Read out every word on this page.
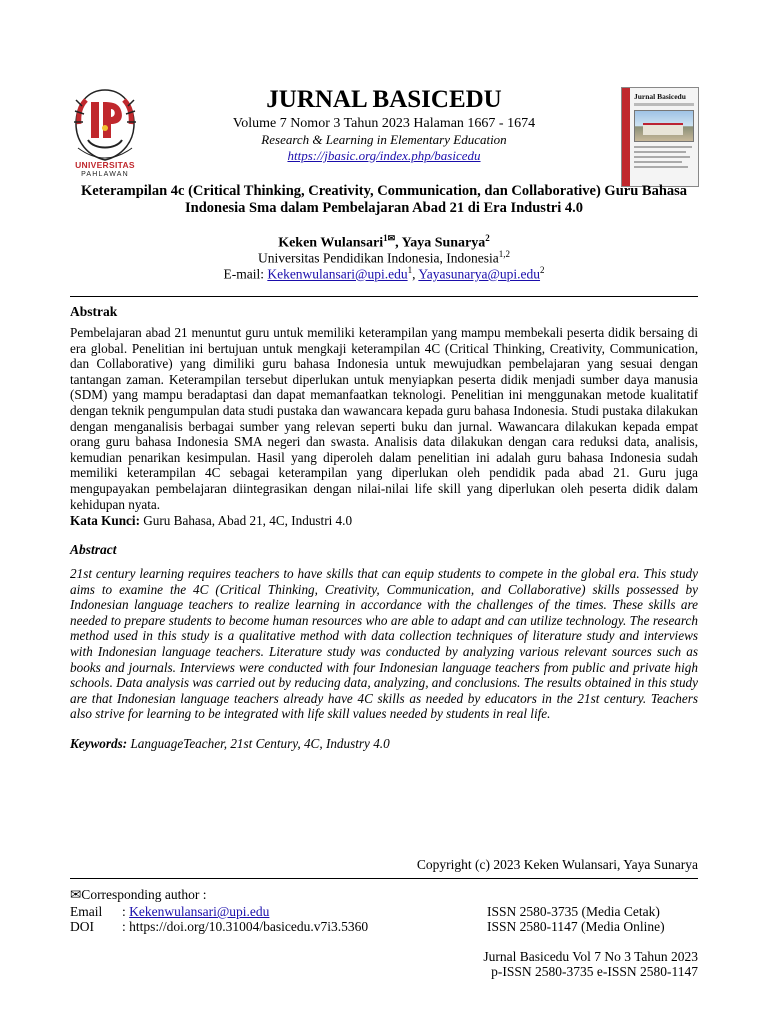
UNIVERSITAS
PAHLAWAN
Jurnal Basicedu
JURNAL BASICEDU
Volume 7 Nomor 3 Tahun 2023 Halaman 1667 - 1674
Research & Learning in Elementary Education
https://jbasic.org/index.php/basicedu
Keterampilan 4c (Critical Thinking, Creativity, Communication, dan Collaborative) Guru Bahasa Indonesia Sma dalam Pembelajaran Abad 21 di Era Industri 4.0
Keken Wulansari$^{1✉}$, Yaya Sunarya$^2$
Universitas Pendidikan Indonesia, Indonesia$^{1,2}$
E-mail: Kekenwulansari@upi.edu$^1$, Yayasunarya@upi.edu$^2$
Abstrak
Pembelajaran abad 21 menuntut guru untuk memiliki keterampilan yang mampu membekali peserta didik bersaing di era global. Penelitian ini bertujuan untuk mengkaji keterampilan 4C (Critical Thinking, Creativity, Communication, dan Collaborative) yang dimiliki guru bahasa Indonesia untuk mewujudkan pembelajaran yang sesuai dengan tantangan zaman. Keterampilan tersebut diperlukan untuk menyiapkan peserta didik menjadi sumber daya manusia (SDM) yang mampu beradaptasi dan dapat memanfaatkan teknologi. Penelitian ini menggunakan metode kualitatif dengan teknik pengumpulan data studi pustaka dan wawancara kepada guru bahasa Indonesia. Studi pustaka dilakukan dengan menganalisis berbagai sumber yang relevan seperti buku dan jurnal. Wawancara dilakukan kepada empat orang guru bahasa Indonesia SMA negeri dan swasta. Analisis data dilakukan dengan cara reduksi data, analisis, kemudian penarikan kesimpulan. Hasil yang diperoleh dalam penelitian ini adalah guru bahasa Indonesia sudah memiliki keterampilan 4C sebagai keterampilan yang diperlukan oleh pendidik pada abad 21. Guru juga mengupayakan pembelajaran diintegrasikan dengan nilai-nilai life skill yang diperlukan oleh peserta didik dalam kehidupan nyata.
Kata Kunci: Guru Bahasa, Abad 21, 4C, Industri 4.0
Abstract
21st century learning requires teachers to have skills that can equip students to compete in the global era. This study aims to examine the 4C (Critical Thinking, Creativity, Communication, and Collaborative) skills possessed by Indonesian language teachers to realize learning in accordance with the challenges of the times. These skills are needed to prepare students to become human resources who are able to adapt and can utilize technology. The research method used in this study is a qualitative method with data collection techniques of literature study and interviews with Indonesian language teachers. Literature study was conducted by analyzing various relevant sources such as books and journals. Interviews were conducted with four Indonesian language teachers from public and private high schools. Data analysis was carried out by reducing data, analyzing, and conclusions. The results obtained in this study are that Indonesian language teachers already have 4C skills as needed by educators in the 21st century. Teachers also strive for learning to be integrated with life skill values needed by students in real life.
Keywords: LanguageTeacher, 21st Century, 4C, Industry 4.0
Copyright (c) 2023 Keken Wulansari, Yaya Sunarya
✉Corresponding author :
Email : Kekenwulansari@upi.edu	ISSN 2580-3735 (Media Cetak)
DOI : https://doi.org/10.31004/basicedu.v7i3.5360	ISSN 2580-1147 (Media Online)
Jurnal Basicedu Vol 7 No 3 Tahun 2023
p-ISSN 2580-3735 e-ISSN 2580-1147
